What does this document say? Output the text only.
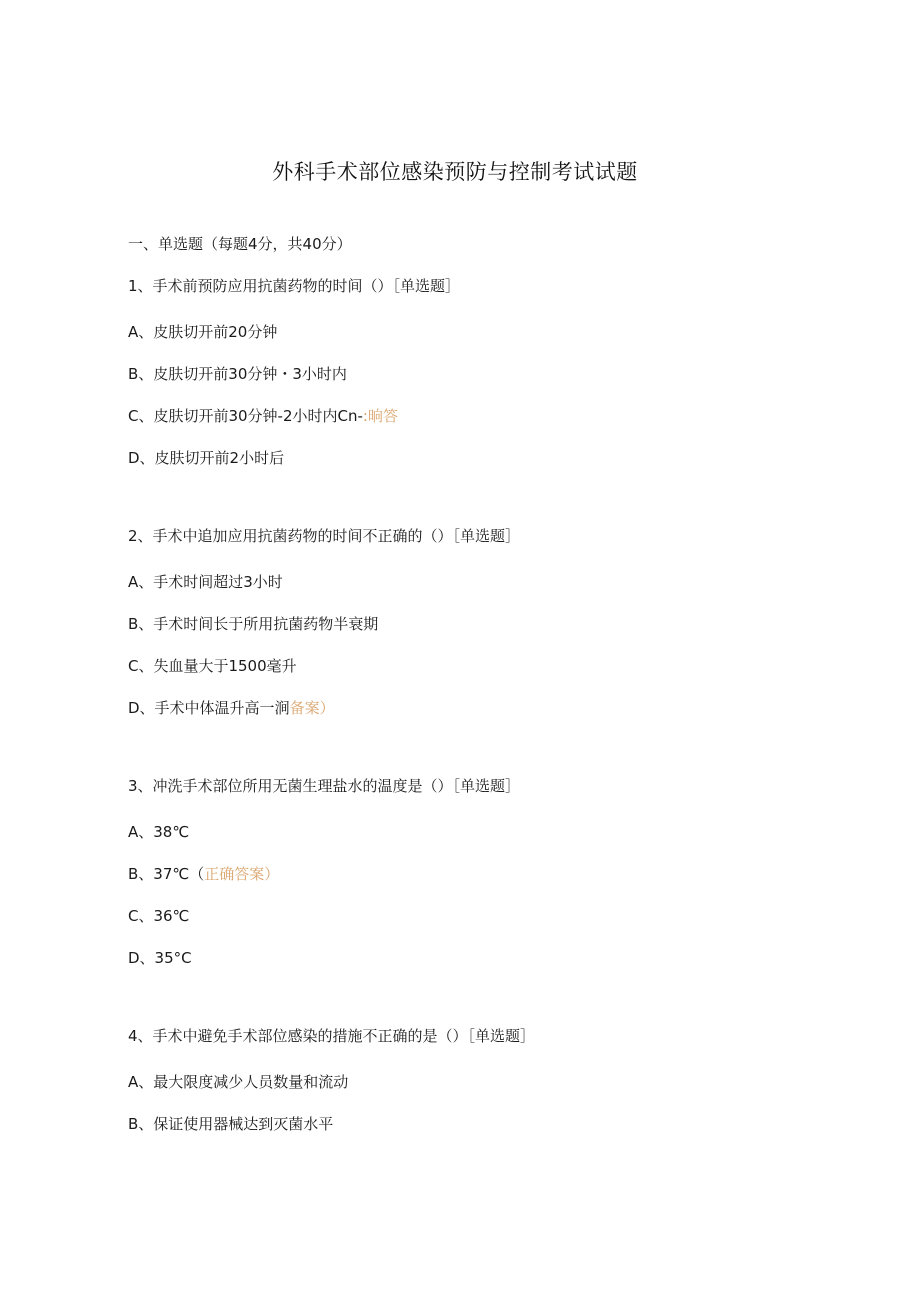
外科手术部位感染预防与控制考试试题
一、单选题（每题4分，共40分）
1、手术前预防应用抗菌药物的时间（）［单选题］
A、皮肤切开前20分钟
B、皮肤切开前30分钟・3小时内
C、皮肤切开前30分钟-2小时内Cn-:晌答
D、皮肤切开前2小时后
2、手术中追加应用抗菌药物的时间不正确的（）［单选题］
A、手术时间超过3小时
B、手术时间长于所用抗菌药物半衰期
C、失血量大于1500毫升
D、手术中体温升高一涧备案）
3、冲洗手术部位所用无菌生理盐水的温度是（）［单选题］
A、38℃
B、37℃（正确答案）
C、36℃
D、35°C
4、手术中避免手术部位感染的措施不正确的是（）［单选题］
A、最大限度减少人员数量和流动
B、保证使用器械达到灭菌水平
